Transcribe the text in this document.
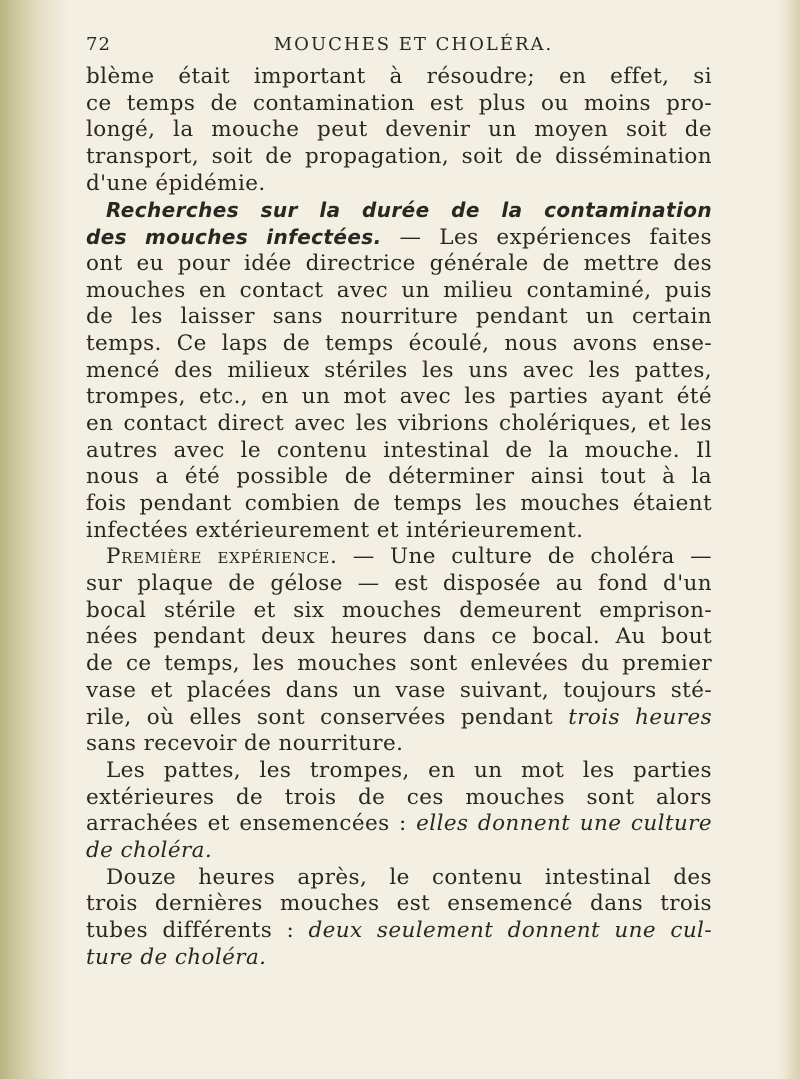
72	MOUCHES ET CHOLÉRA.
blème était important à résoudre; en effet, si
ce temps de contamination est plus ou moins pro-
longé, la mouche peut devenir un moyen soit de
transport, soit de propagation, soit de dissémination
d'une épidémie.
Recherches sur la durée de la contamination
des mouches infectées. — Les expériences faites
ont eu pour idée directrice générale de mettre des
mouches en contact avec un milieu contaminé, puis
de les laisser sans nourriture pendant un certain
temps. Ce laps de temps écoulé, nous avons ense-
mencé des milieux stériles les uns avec les pattes,
trompes, etc., en un mot avec les parties ayant été
en contact direct avec les vibrions cholériques, et les
autres avec le contenu intestinal de la mouche. Il
nous a été possible de déterminer ainsi tout à la
fois pendant combien de temps les mouches étaient
infectées extérieurement et intérieurement.
Première expérience. — Une culture de choléra —
sur plaque de gélose — est disposée au fond d'un
bocal stérile et six mouches demeurent emprison-
nées pendant deux heures dans ce bocal. Au bout
de ce temps, les mouches sont enlevées du premier
vase et placées dans un vase suivant, toujours sté-
rile, où elles sont conservées pendant trois heures
sans recevoir de nourriture.
Les pattes, les trompes, en un mot les parties
extérieures de trois de ces mouches sont alors
arrachées et ensemencées : elles donnent une culture
de choléra.
Douze heures après, le contenu intestinal des
trois dernières mouches est ensemencé dans trois
tubes différents : deux seulement donnent une cul-
ture de choléra.
